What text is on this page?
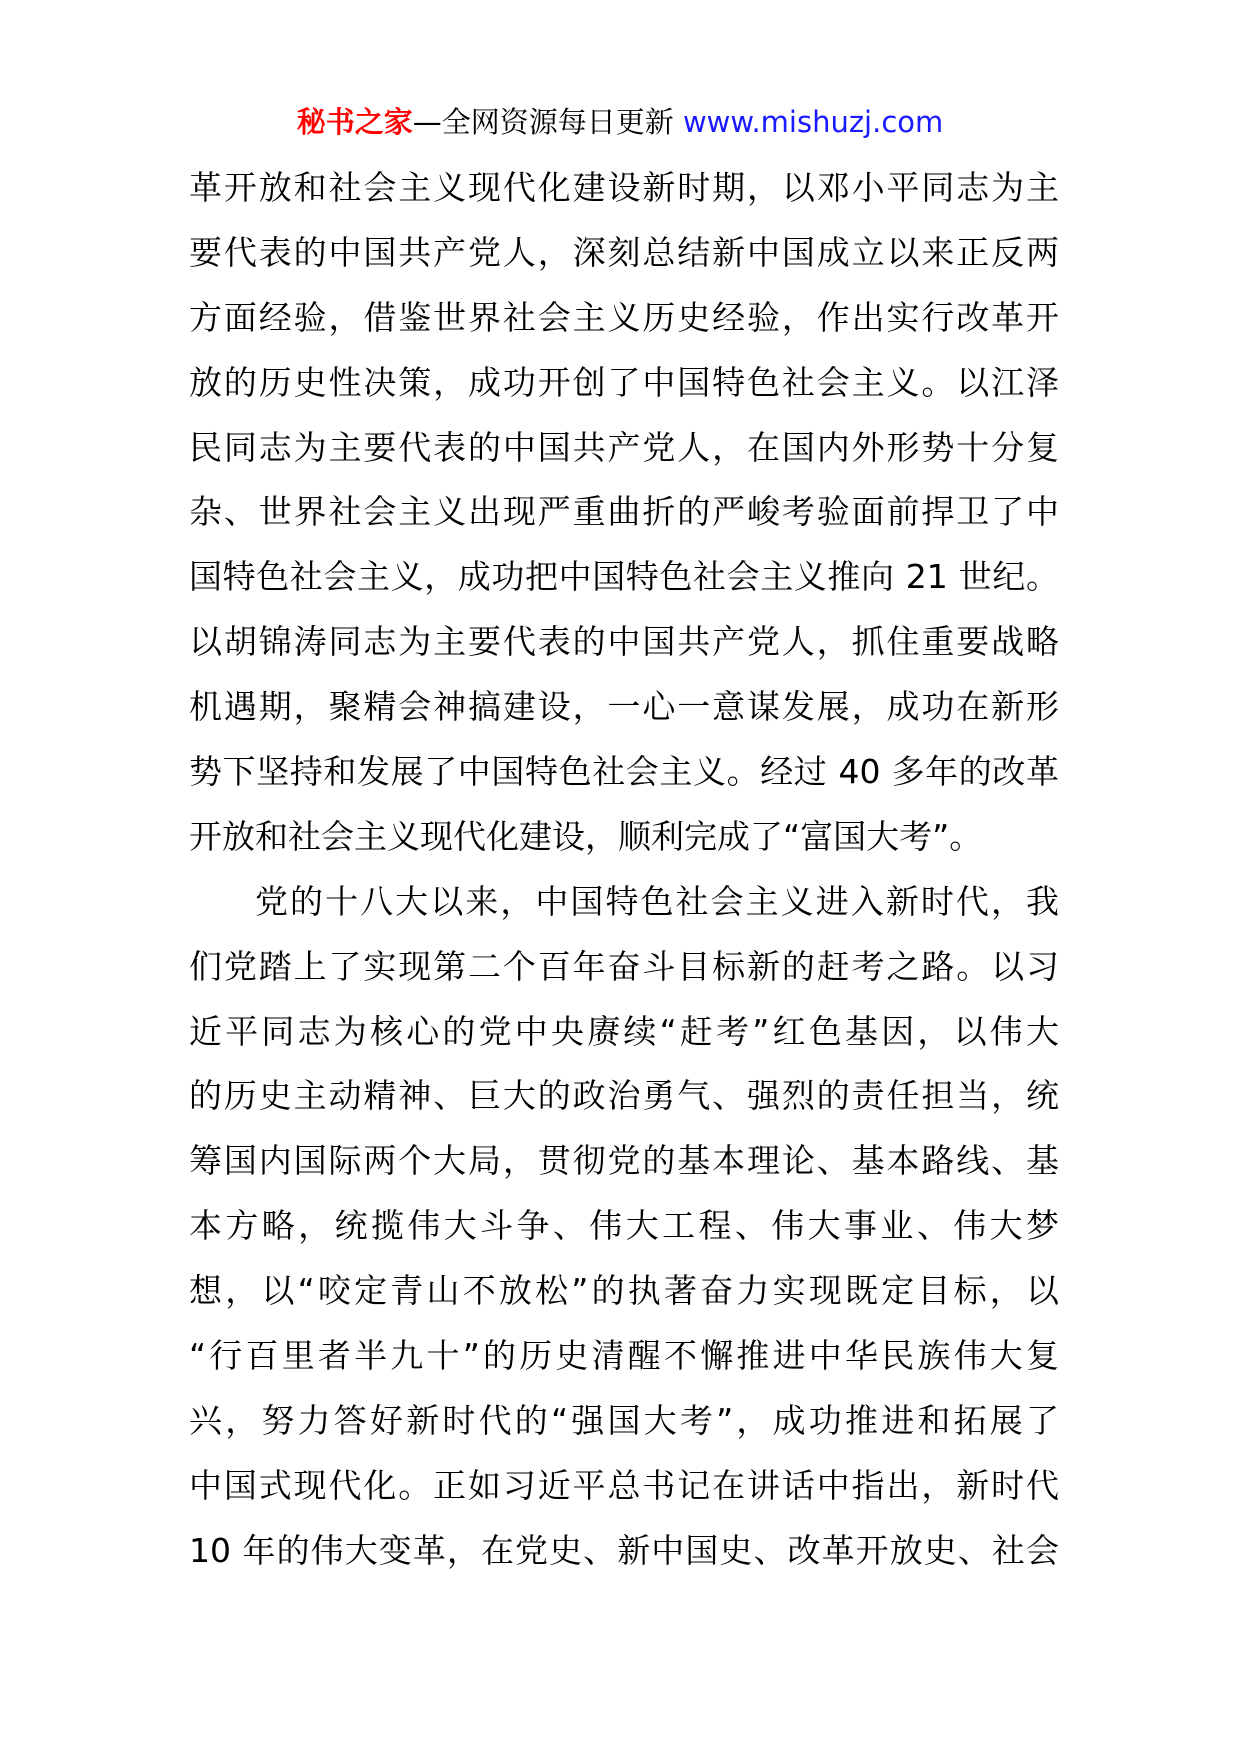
秘书之家—全网资源每日更新 www.mishuzj.com
革开放和社会主义现代化建设新时期，以邓小平同志为主
要代表的中国共产党人，深刻总结新中国成立以来正反两
方面经验，借鉴世界社会主义历史经验，作出实行改革开
放的历史性决策，成功开创了中国特色社会主义。以江泽
民同志为主要代表的中国共产党人，在国内外形势十分复
杂、世界社会主义出现严重曲折的严峻考验面前捍卫了中
国特色社会主义，成功把中国特色社会主义推向 21 世纪。
以胡锦涛同志为主要代表的中国共产党人，抓住重要战略
机遇期，聚精会神搞建设，一心一意谋发展，成功在新形
势下坚持和发展了中国特色社会主义。经过 40 多年的改革
开放和社会主义现代化建设，顺利完成了“富国大考”。
党的十八大以来，中国特色社会主义进入新时代，我
们党踏上了实现第二个百年奋斗目标新的赶考之路。以习
近平同志为核心的党中央赓续“赶考”红色基因，以伟大
的历史主动精神、巨大的政治勇气、强烈的责任担当，统
筹国内国际两个大局，贯彻党的基本理论、基本路线、基
本方略，统揽伟大斗争、伟大工程、伟大事业、伟大梦
想，以“咬定青山不放松”的执著奋力实现既定目标，以
“行百里者半九十”的历史清醒不懈推进中华民族伟大复
兴，努力答好新时代的“强国大考”，成功推进和拓展了
中国式现代化。正如习近平总书记在讲话中指出，新时代
10 年的伟大变革，在党史、新中国史、改革开放史、社会
